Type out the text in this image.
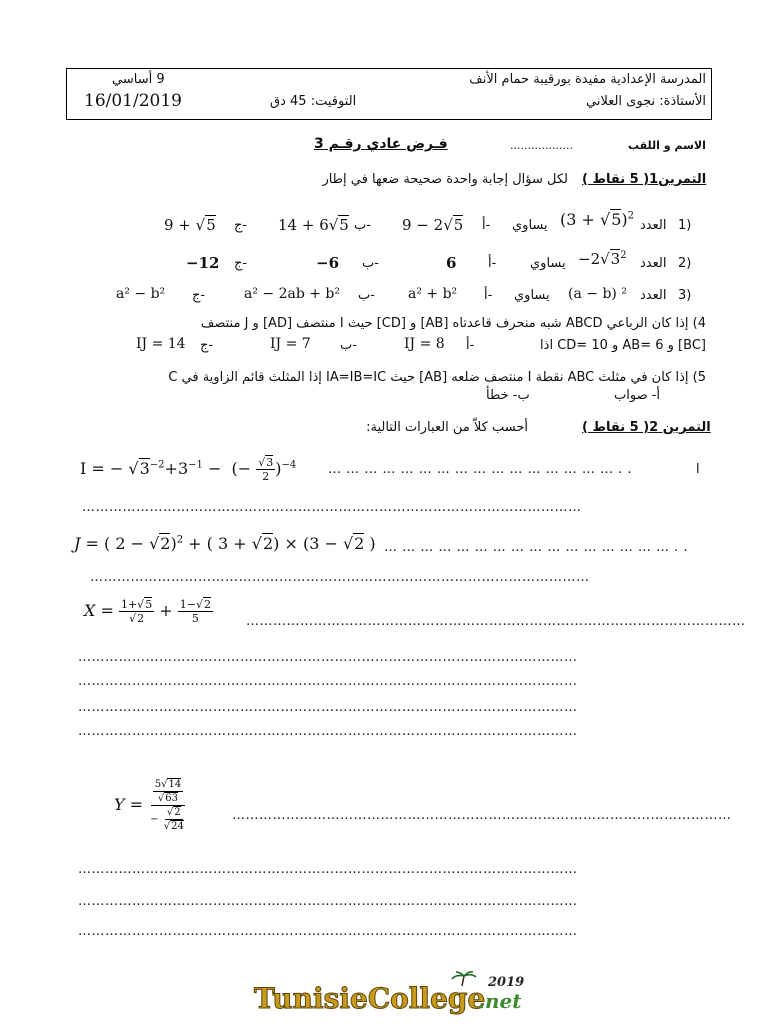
المدرسة الإعدادية مفيدة بورقيبة حمام الأنف
9 أساسي
الأستاذة: نجوى العلاني
التوقيت: 45 دق
16/01/2019
الاسم و اللقب
..................
فـرض عادي رقـم 3
التمرين1( 5 نقاط )
لكل سؤال إجابة واحدة صحيحة ضعها في إطار
1)
العدد
$(3 + √5)^2$
يساوي
أ-
9 − 2√5
ب-
14 + 6√5
ج-
9 + √5
2)
العدد
$-2√3^2$
يساوي
أ-
6
ب-
−6
ج-
−12
3)
العدد
(a − b) ²
يساوي
أ-
a² + b²
ب-
a² − 2ab + b²
ج-
a² − b²
4) إذا كان الرباعي ABCD شبه منحرف قاعدتاه [AB] و [CD] حيث I منتصف [AD] و J منتصف
[BC] و AB= 6 و CD= 10 اذا
أ-
IJ = 8
ب-
IJ = 7
ج-
IJ = 14
5) إذا كان في مثلث ABC نقطة I منتصف ضلعه [AB] حيث IA=IB=IC إذا المثلث قائم الزاوية في C
أ- صواب
ب- خطأ
التمرين 2( 5 نقاط )
أحسب كلاّ من العبارات التالية:
ا
I = − $√3^{-2}+3^{-1}$ −  (− $\frac{√3}{2} )^{-4}$ … … … … … … … … … … … … … … … … . .
…………………………………………………………………………………………………
J = ( 2 − √2)$^2$ + ( 3 + √2) × (3 − √2 ) … … … … … … … … … … … … … … … … . .
…………………………………………………………………………………………………
$X = \frac{1+√5}{√2} + \frac{1-√2}{5}$	…………………………………………………………………………………………………
…………………………………………………………………………………………………
…………………………………………………………………………………………………
…………………………………………………………………………………………………
…………………………………………………………………………………………………
$Y = \frac{\frac{5√14}{√63}}{- \frac{√2}{√24}}$	…………………………………………………………………………………………………
…………………………………………………………………………………………………
…………………………………………………………………………………………………
…………………………………………………………………………………………………
TunisieCollege
.net
2019
